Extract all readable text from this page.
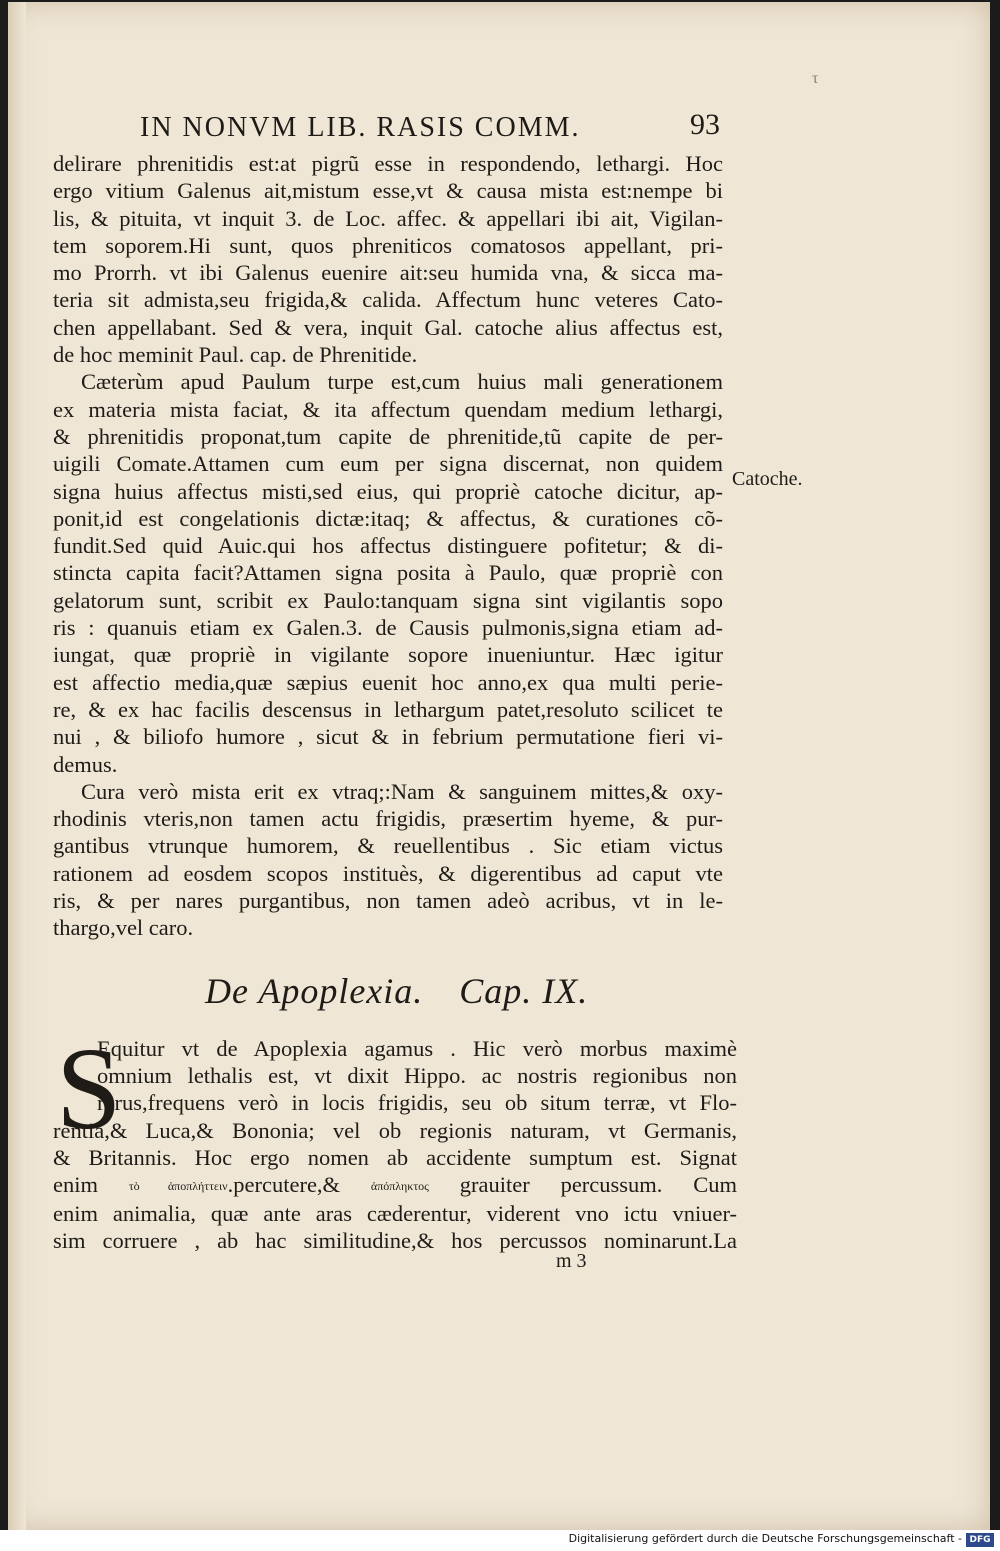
τ
IN NONVM LIB. RASIS COMM.	93

delirare phrenitidis est:at pigrũ esse in respondendo, lethargi. Hoc
ergo vitium Galenus ait,mistum esse,vt & causa mista est:nempe bi
lis, & pituita, vt inquit 3. de Loc. affec. & appellari ibi ait, Vigilan-
tem soporem.Hi sunt, quos phreniticos comatosos appellant, pri-
mo Prorrh. vt ibi Galenus euenire ait:seu humida vna, & sicca ma-
teria sit admista,seu frigida,& calida. Affectum hunc veteres Cato-
chen appellabant. Sed & vera, inquit Gal. catoche alius affectus est,
de hoc meminit Paul. cap. de Phrenitide.

Cæterùm apud Paulum turpe est,cum huius mali generationem
ex materia mista faciat, & ita affectum quendam medium lethargi,
& phrenitidis proponat,tum capite de phrenitide,tũ capite de per-
uigili Comate.Attamen cum eum per signa discernat, non quidem
signa huius affectus misti,sed eius, qui propriè catoche dicitur, ap-
ponit,id est congelationis dictæ:itaq; & affectus, & curationes cõ-
fundit.Sed quid Auic.qui hos affectus distinguere pofitetur; & di-
stincta capita facit?Attamen signa posita à Paulo, quæ propriè con
gelatorum sunt, scribit ex Paulo:tanquam signa sint vigilantis sopo
ris : quanuis etiam ex Galen.3. de Causis pulmonis,signa etiam ad-
iungat, quæ propriè in vigilante sopore inueniuntur. Hæc igitur
est affectio media,quæ sæpius euenit hoc anno,ex qua multi perie-
re, & ex hac facilis descensus in lethargum patet,resoluto scilicet te
nui , & biliofo humore , sicut & in febrium permutatione fieri vi-
demus.

Cura verò mista erit ex vtraq;:Nam & sanguinem mittes,& oxy-
rhodinis vteris,non tamen actu frigidis, præsertim hyeme, & pur-
gantibus vtrunque humorem, & reuellentibus . Sic etiam victus
rationem ad eosdem scopos instituès, & digerentibus ad caput vte
ris, & per nares purgantibus, non tamen adeò acribus, vt in le-
thargo,vel caro.

Catoche.
De Apoplexia. Cap. IX.
S
Equitur vt de Apoplexia agamus . Hic verò morbus maximè
omnium lethalis est, vt dixit Hippo. ac nostris regionibus non
rarus,frequens verò in locis frigidis, seu ob situm terræ, vt Flo-
rentia,& Luca,& Bononia; vel ob regionis naturam, vt Germanis,
& Britannis. Hoc ergo nomen ab accidente sumptum est. Signat
enim	τὸ ἀποπλήττειν.percutere,&	ἀπόπληκτος grauiter percussum. Cum
enim animalia, quæ ante aras cæderentur, viderent vno ictu vniuer-
sim corruere , ab hac similitudine,& hos percussos nominarunt.La
m 3
Digitalisierung gefördert durch die Deutsche Forschungsgemeinschaft - DFG
